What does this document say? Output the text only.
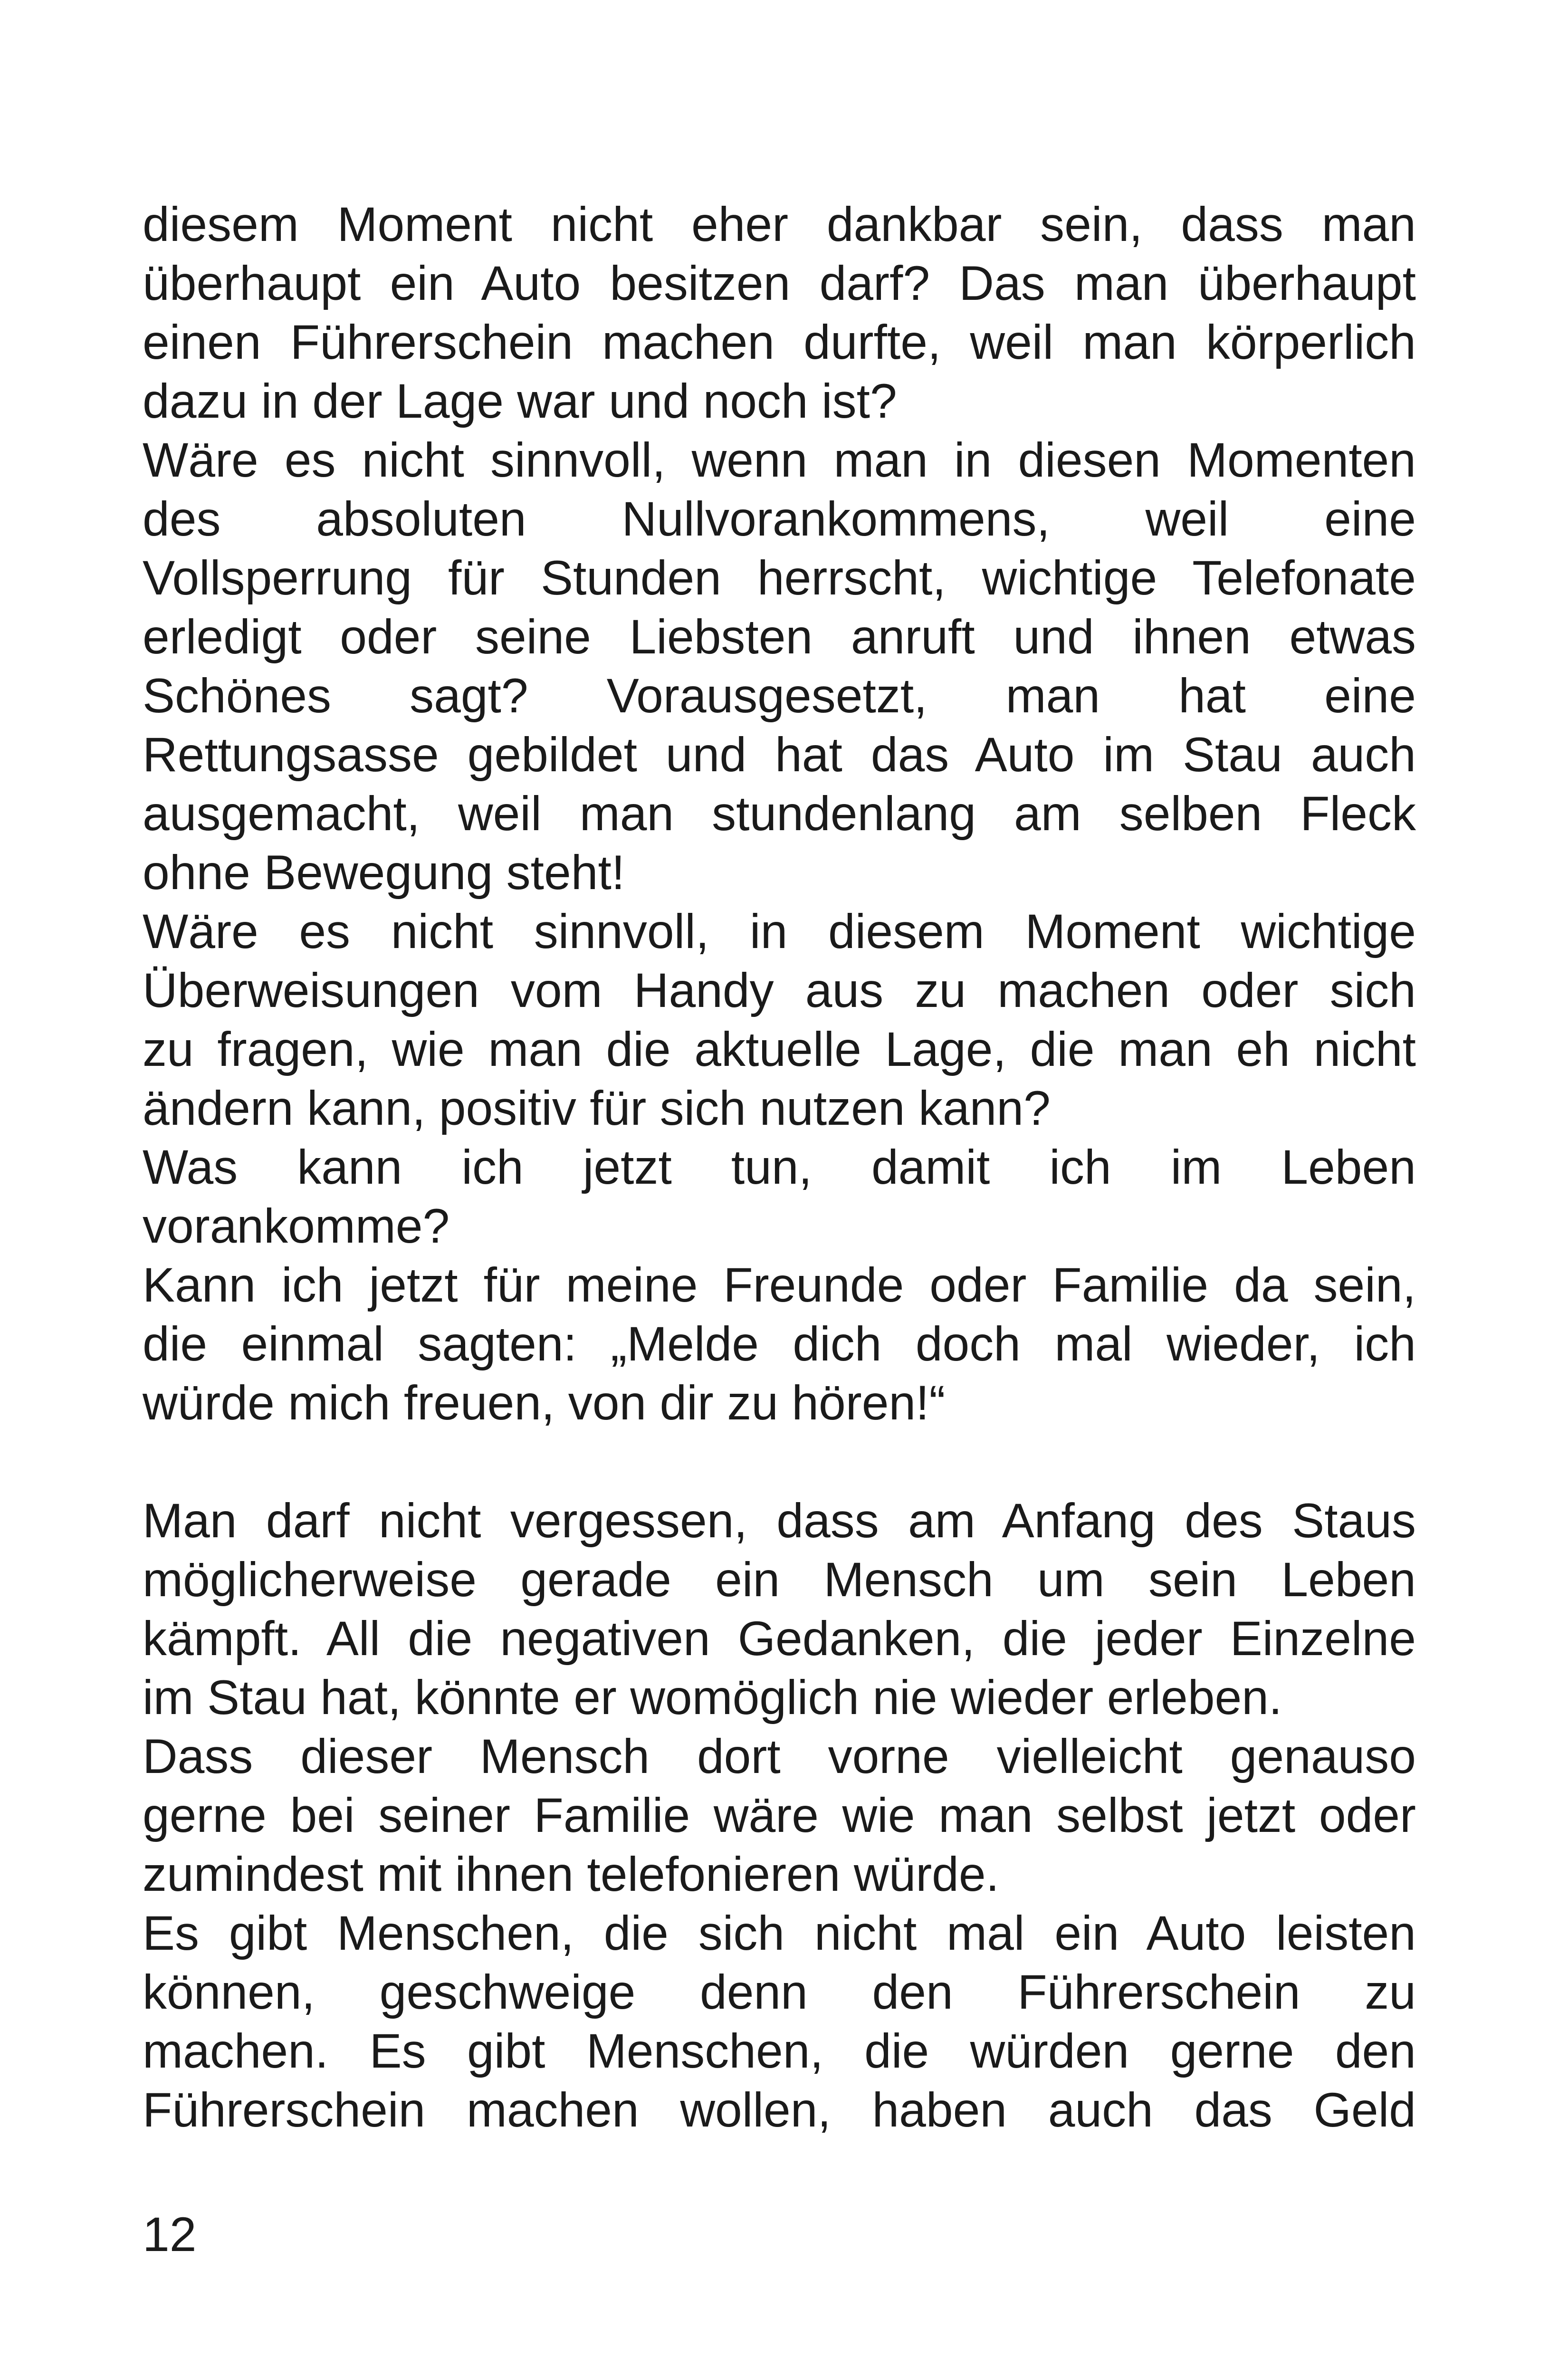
diesem Moment nicht eher dankbar sein, dass man
überhaupt ein Auto besitzen darf? Das man überhaupt
einen Führerschein machen durfte, weil man körperlich
dazu in der Lage war und noch ist?
Wäre es nicht sinnvoll, wenn man in diesen Momenten
des absoluten Nullvorankommens, weil eine
Vollsperrung für Stunden herrscht, wichtige Telefonate
erledigt oder seine Liebsten anruft und ihnen etwas
Schönes sagt? Vorausgesetzt, man hat eine
Rettungsasse gebildet und hat das Auto im Stau auch
ausgemacht, weil man stundenlang am selben Fleck
ohne Bewegung steht!
Wäre es nicht sinnvoll, in diesem Moment wichtige
Überweisungen vom Handy aus zu machen oder sich
zu fragen, wie man die aktuelle Lage, die man eh nicht
ändern kann, positiv für sich nutzen kann?
Was kann ich jetzt tun, damit ich im Leben
vorankomme?
Kann ich jetzt für meine Freunde oder Familie da sein,
die einmal sagten: „Melde dich doch mal wieder, ich
würde mich freuen, von dir zu hören!“
Man darf nicht vergessen, dass am Anfang des Staus
möglicherweise gerade ein Mensch um sein Leben
kämpft. All die negativen Gedanken, die jeder Einzelne
im Stau hat, könnte er womöglich nie wieder erleben.
Dass dieser Mensch dort vorne vielleicht genauso
gerne bei seiner Familie wäre wie man selbst jetzt oder
zumindest mit ihnen telefonieren würde.
Es gibt Menschen, die sich nicht mal ein Auto leisten
können, geschweige denn den Führerschein zu
machen. Es gibt Menschen, die würden gerne den
Führerschein machen wollen, haben auch das Geld
12
